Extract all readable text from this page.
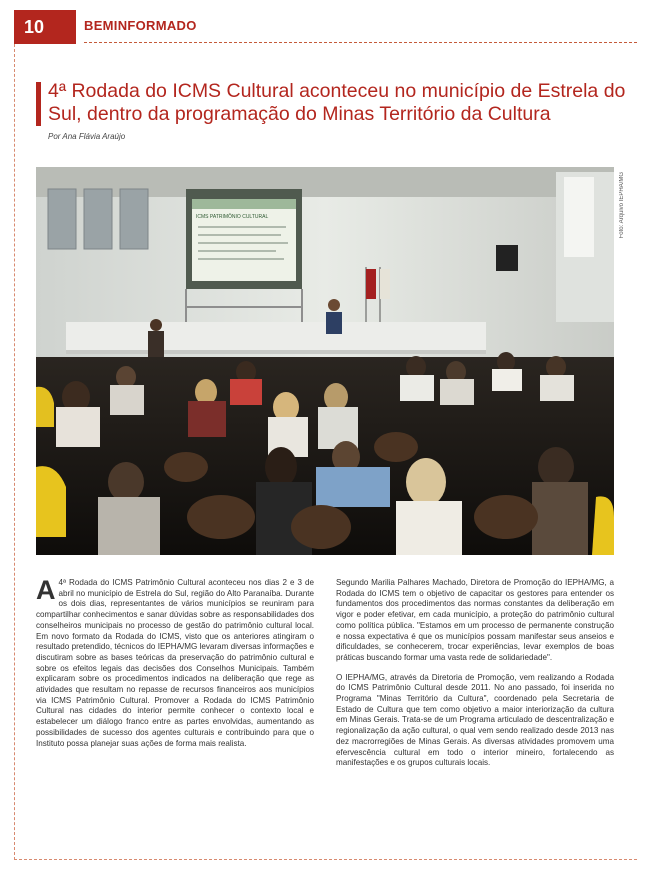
10	BEMINFORMADO
4ª Rodada do ICMS Cultural aconteceu no município de Estrela do Sul, dentro da programação do Minas Território da Cultura
Por Ana Flávia Araújo
ICMS PATRIMÔNIO CULTURAL	Foto: Arquivo IEPHA/MG

A 4ª Rodada do ICMS Patrimônio Cultural aconteceu nos dias 2 e 3 de abril no município de Estrela do Sul, região do Alto Paranaíba. Durante os dois dias, representantes de vários municípios se reuniram para compartilhar conhecimentos e sanar dúvidas sobre as responsabilidades dos conselheiros municipais no processo de gestão do patrimônio cultural local. Em novo formato da Rodada do ICMS, visto que os anteriores atingiram o resultado pretendido, técnicos do IEPHA/MG levaram diversas informações e discutiram sobre as bases teóricas da preservação do patrimônio cultural e sobre os efeitos legais das decisões dos Conselhos Municipais. Também explicaram sobre os procedimentos indicados na deliberação que rege as atividades que resultam no repasse de recursos financeiros aos municípios via ICMS Patrimônio Cultural. Promover a Rodada do ICMS Patrimônio Cultural nas cidades do interior permite conhecer o contexto local e estabelecer um diálogo franco entre as partes envolvidas, aumentando as possibilidades de sucesso dos agentes culturais e contribuindo para que o Instituto possa planejar suas ações de forma mais realista.

Segundo Marilia Palhares Machado, Diretora de Promoção do IEPHA/MG, a Rodada do ICMS tem o objetivo de capacitar os gestores para entender os fundamentos dos procedimentos das normas constantes da deliberação em vigor e poder efetivar, em cada município, a proteção do patrimônio cultural como política pública. "Estamos em um processo de permanente construção e nossa expectativa é que os municípios possam manifestar seus anseios e dificuldades, se conhecerem, trocar experiências, levar exemplos de boas práticas buscando formar uma vasta rede de solidariedade".

O IEPHA/MG, através da Diretoria de Promoção, vem realizando a Rodada do ICMS Patrimônio Cultural desde 2011. No ano passado, foi inserida no Programa "Minas Território da Cultura", coordenado pela Secretaria de Estado de Cultura que tem como objetivo a maior interiorização da cultura em Minas Gerais. Trata-se de um Programa articulado de descentralização e regionalização da ação cultural, o qual vem sendo realizado desde 2013 nas dez macrorregiões de Minas Gerais. As diversas atividades promovem uma efervescência cultural em todo o interior mineiro, fortalecendo as manifestações e os grupos culturais locais.
